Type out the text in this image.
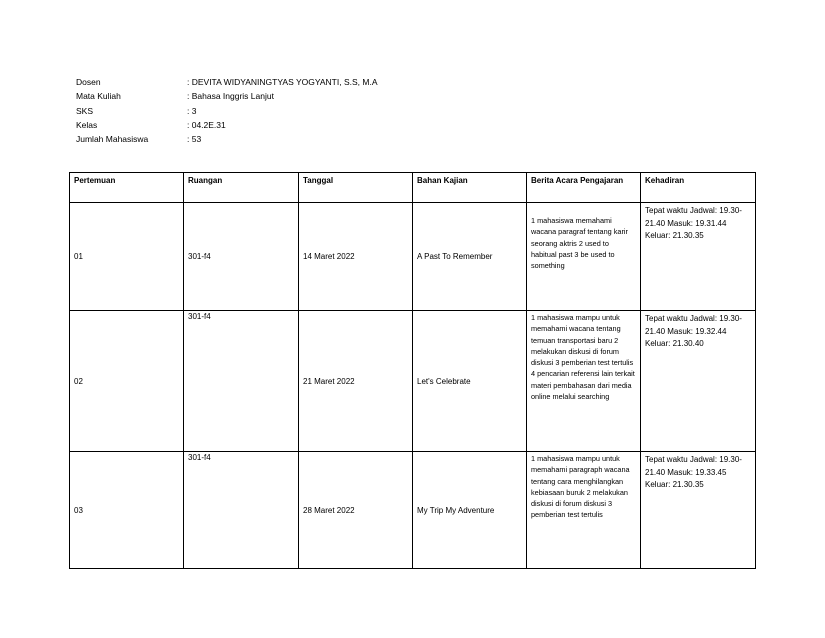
Dosen	: DEVITA WIDYANINGTYAS YOGYANTI, S.S, M.A
Mata Kuliah	: Bahasa Inggris Lanjut
SKS	: 3
Kelas	: 04.2E.31
Jumlah Mahasiswa	: 53
Pertemuan	Ruangan	Tanggal	Bahan Kajian	Berita Acara Pengajaran	Kehadiran
01	301-f4	14 Maret 2022	A Past To Remember	1 mahasiswa memahami wacana paragraf tentang karir seorang aktris 2 used to habitual past 3 be used to something	Tepat waktu Jadwal: 19.30-21.40 Masuk: 19.31.44 Keluar: 21.30.35
02	301-f4	21 Maret 2022	Let's Celebrate	1 mahasiswa mampu untuk memahami wacana tentang temuan transportasi baru 2 melakukan diskusi di forum diskusi 3 pemberian test tertulis 4 pencarian referensi lain terkait materi pembahasan dari media online melalui searching	Tepat waktu Jadwal: 19.30-21.40 Masuk: 19.32.44 Keluar: 21.30.40
03	301-f4	28 Maret 2022	My Trip My Adventure	1 mahasiswa mampu untuk memahami paragraph wacana tentang cara menghilangkan kebiasaan buruk 2 melakukan diskusi di forum diskusi 3 pemberian test tertulis	Tepat waktu Jadwal: 19.30-21.40 Masuk: 19.33.45 Keluar: 21.30.35
